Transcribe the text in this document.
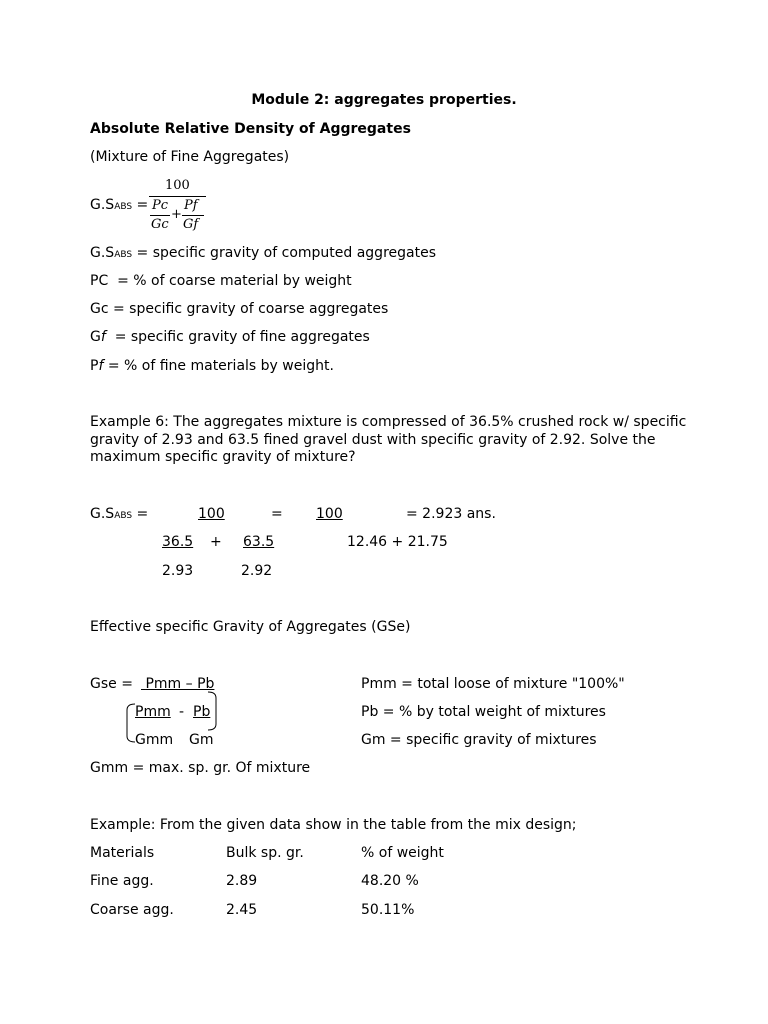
Module 2: aggregates properties.
Absolute Relative Density of Aggregates
(Mixture of Fine Aggregates)
G.SABS =
100
Pc
Gc
+
Pf
Gf
G.SABS = specific gravity of computed aggregates
PC  = % of coarse material by weight
Gc = specific gravity of coarse aggregates
Gf  = specific gravity of fine aggregates
Pf = % of fine materials by weight.
Example 6: The aggregates mixture is compressed of 36.5% crushed rock w/ specific gravity of 2.93 and 63.5 fined gravel dust with specific gravity of 2.92. Solve the maximum specific gravity of mixture?
G.SABS =	100	= 100	= 2.923 ans.
36.5 + 63.5	12.46 + 21.75
2.93	2.92
Effective specific Gravity of Aggregates (GSe)
Gse = Pmm – Pb
Pmm - Pb
Gmm Gm
Pmm = total loose of mixture "100%"
Pb = % by total weight of mixtures
Gm = specific gravity of mixtures
Gmm = max. sp. gr. Of mixture
Example: From the given data show in the table from the mix design;
Materials	Bulk sp. gr.	% of weight
Fine agg.	2.89	48.20 %
Coarse agg.	2.45	50.11%
